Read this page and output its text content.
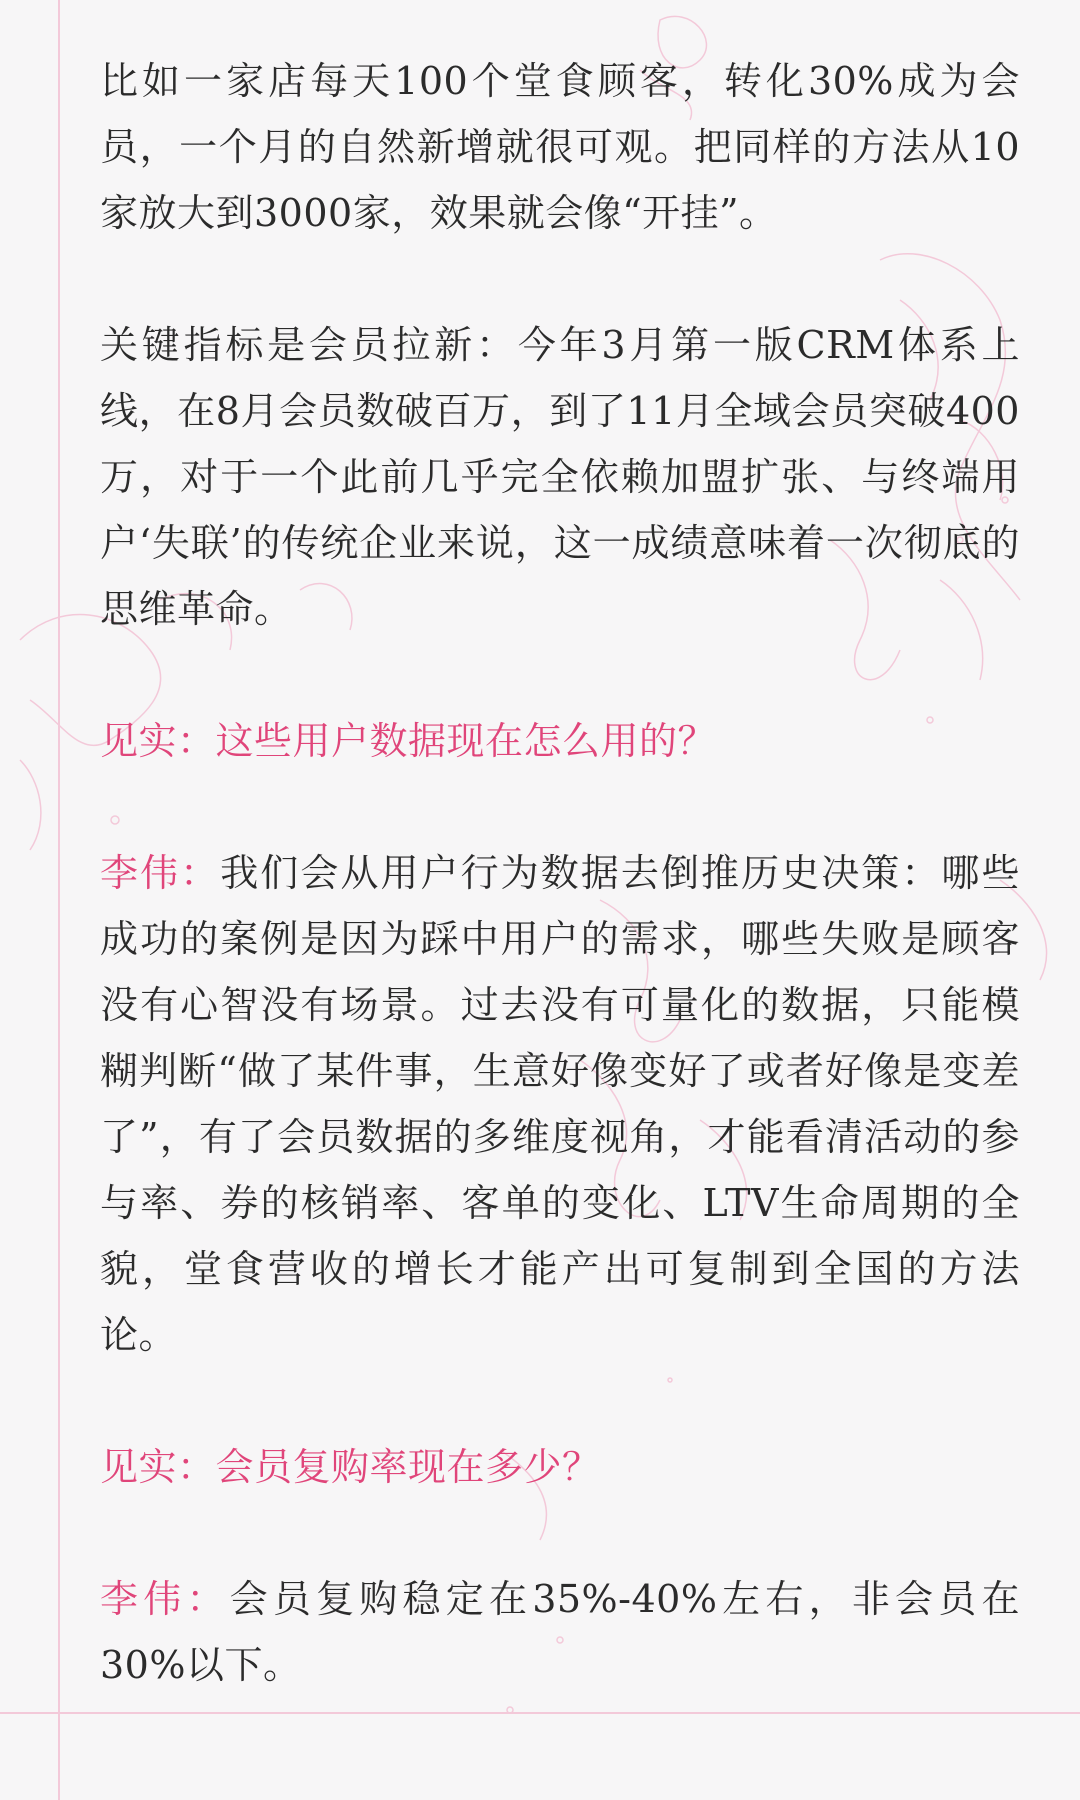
比如一家店每天100个堂食顾客，转化30%成为会员，一个月的自然新增就很可观。把同样的方法从10家放大到3000家，效果就会像“开挂”。

关键指标是会员拉新：今年3月第一版CRM体系上线，在8月会员数破百万，到了11月全域会员突破400万，对于一个此前几乎完全依赖加盟扩张、与终端用户‘失联’的传统企业来说，这一成绩意味着一次彻底的思维革命。

见实：这些用户数据现在怎么用的？

李伟：我们会从用户行为数据去倒推历史决策：哪些成功的案例是因为踩中用户的需求，哪些失败是顾客没有心智没有场景。过去没有可量化的数据，只能模糊判断“做了某件事，生意好像变好了或者好像是变差了”，有了会员数据的多维度视角，才能看清活动的参与率、券的核销率、客单的变化、LTV生命周期的全貌，堂食营收的增长才能产出可复制到全国的方法论。

见实：会员复购率现在多少？

李伟：会员复购稳定在35%-40%左右，非会员在30%以下。
